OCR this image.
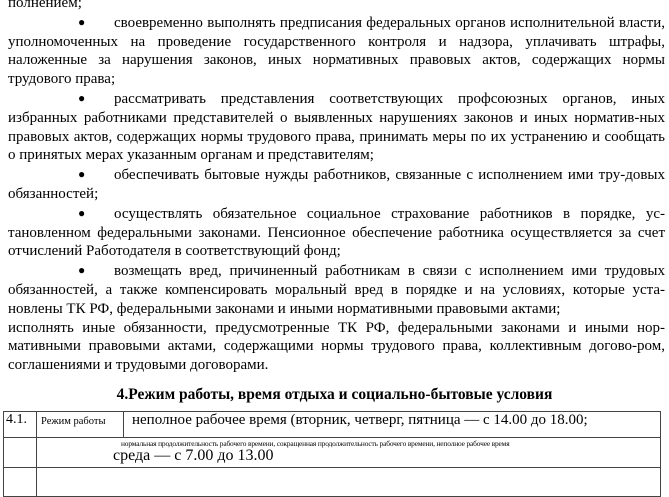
полнением;

● своевременно выполнять предписания федеральных органов исполнительной власти, уполномоченных на проведение государственного контроля и надзора, уплачивать штрафы, наложенные за нарушения законов, иных нормативных правовых актов, содержащих нормы трудового права;

● рассматривать представления соответствующих профсоюзных органов, иных избранных работниками представителей о выявленных нарушениях законов и иных норматив-ных правовых актов, содержащих нормы трудового права, принимать меры по их устранению и сообщать о принятых мерах указанным органам и представителям;

● обеспечивать бытовые нужды работников, связанные с исполнением ими тру-довых обязанностей;

● осуществлять обязательное социальное страхование работников в порядке, ус-тановленном федеральными законами. Пенсионное обеспечение работника осуществляется за счет отчислений Работодателя в соответствующий фонд;

● возмещать вред, причиненный работникам в связи с исполнением ими трудовых обязанностей, а также компенсировать моральный вред в порядке и на условиях, которые уста-новлены ТК РФ, федеральными законами и иными нормативными правовыми актами;

исполнять иные обязанности, предусмотренные ТК РФ, федеральными законами и иными нор-мативными правовыми актами, содержащими нормы трудового права, коллективным догово-ром, соглашениями и трудовыми договорами.

4.Режим работы, время отдыха и социально-бытовые условия
4.1.	Режим работы	неполное рабочее время (вторник, четверг, пятница — с 14.00 до 18.00;

	нормальная продолжительность рабочего времени, сокращенная продолжительность рабочего времени, неполное рабочее время
среда — с 7.00 до 13.00	
